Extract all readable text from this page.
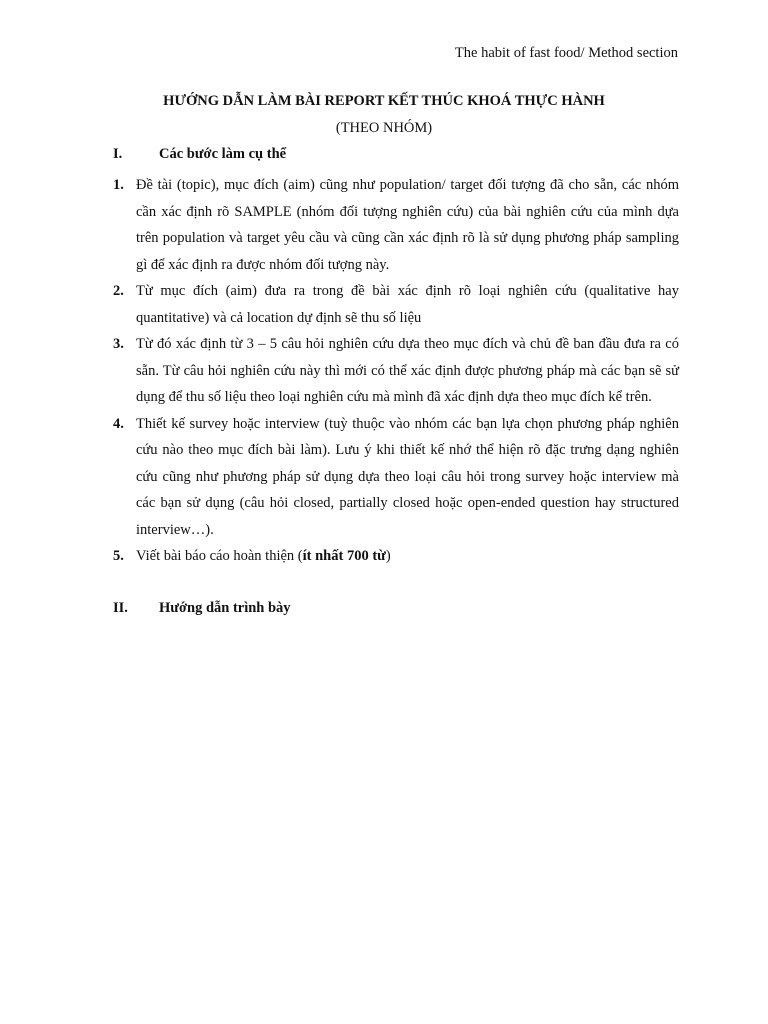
The habit of fast food/ Method section
HƯỚNG DẪN LÀM BÀI REPORT KẾT THÚC KHOÁ THỰC HÀNH
(THEO NHÓM)
I.	Các bước làm cụ thể
1. Đề tài (topic), mục đích (aim) cũng như population/ target đối tượng đã cho sẵn, các nhóm cần xác định rõ SAMPLE (nhóm đối tượng nghiên cứu) của bài nghiên cứu của mình dựa trên population và target yêu cầu và cũng cần xác định rõ là sử dụng phương pháp sampling gì để xác định ra được nhóm đối tượng này.
2. Từ mục đích (aim) đưa ra trong đề bài xác định rõ loại nghiên cứu (qualitative hay quantitative) và cả location dự định sẽ thu số liệu
3. Từ đó xác định từ 3 – 5 câu hỏi nghiên cứu dựa theo mục đích và chủ đề ban đầu đưa ra có sẵn. Từ câu hỏi nghiên cứu này thì mới có thể xác định được phương pháp mà các bạn sẽ sử dụng để thu số liệu theo loại nghiên cứu mà mình đã xác định dựa theo mục đích kể trên.
4. Thiết kế survey hoặc interview (tuỳ thuộc vào nhóm các bạn lựa chọn phương pháp nghiên cứu nào theo mục đích bài làm). Lưu ý khi thiết kế nhớ thể hiện rõ đặc trưng dạng nghiên cứu cũng như phương pháp sử dụng dựa theo loại câu hỏi trong survey hoặc interview mà các bạn sử dụng (câu hỏi closed, partially closed hoặc open-ended question hay structured interview…).
5. Viết bài báo cáo hoàn thiện (ít nhất 700 từ)
II. Hướng dẫn trình bày
